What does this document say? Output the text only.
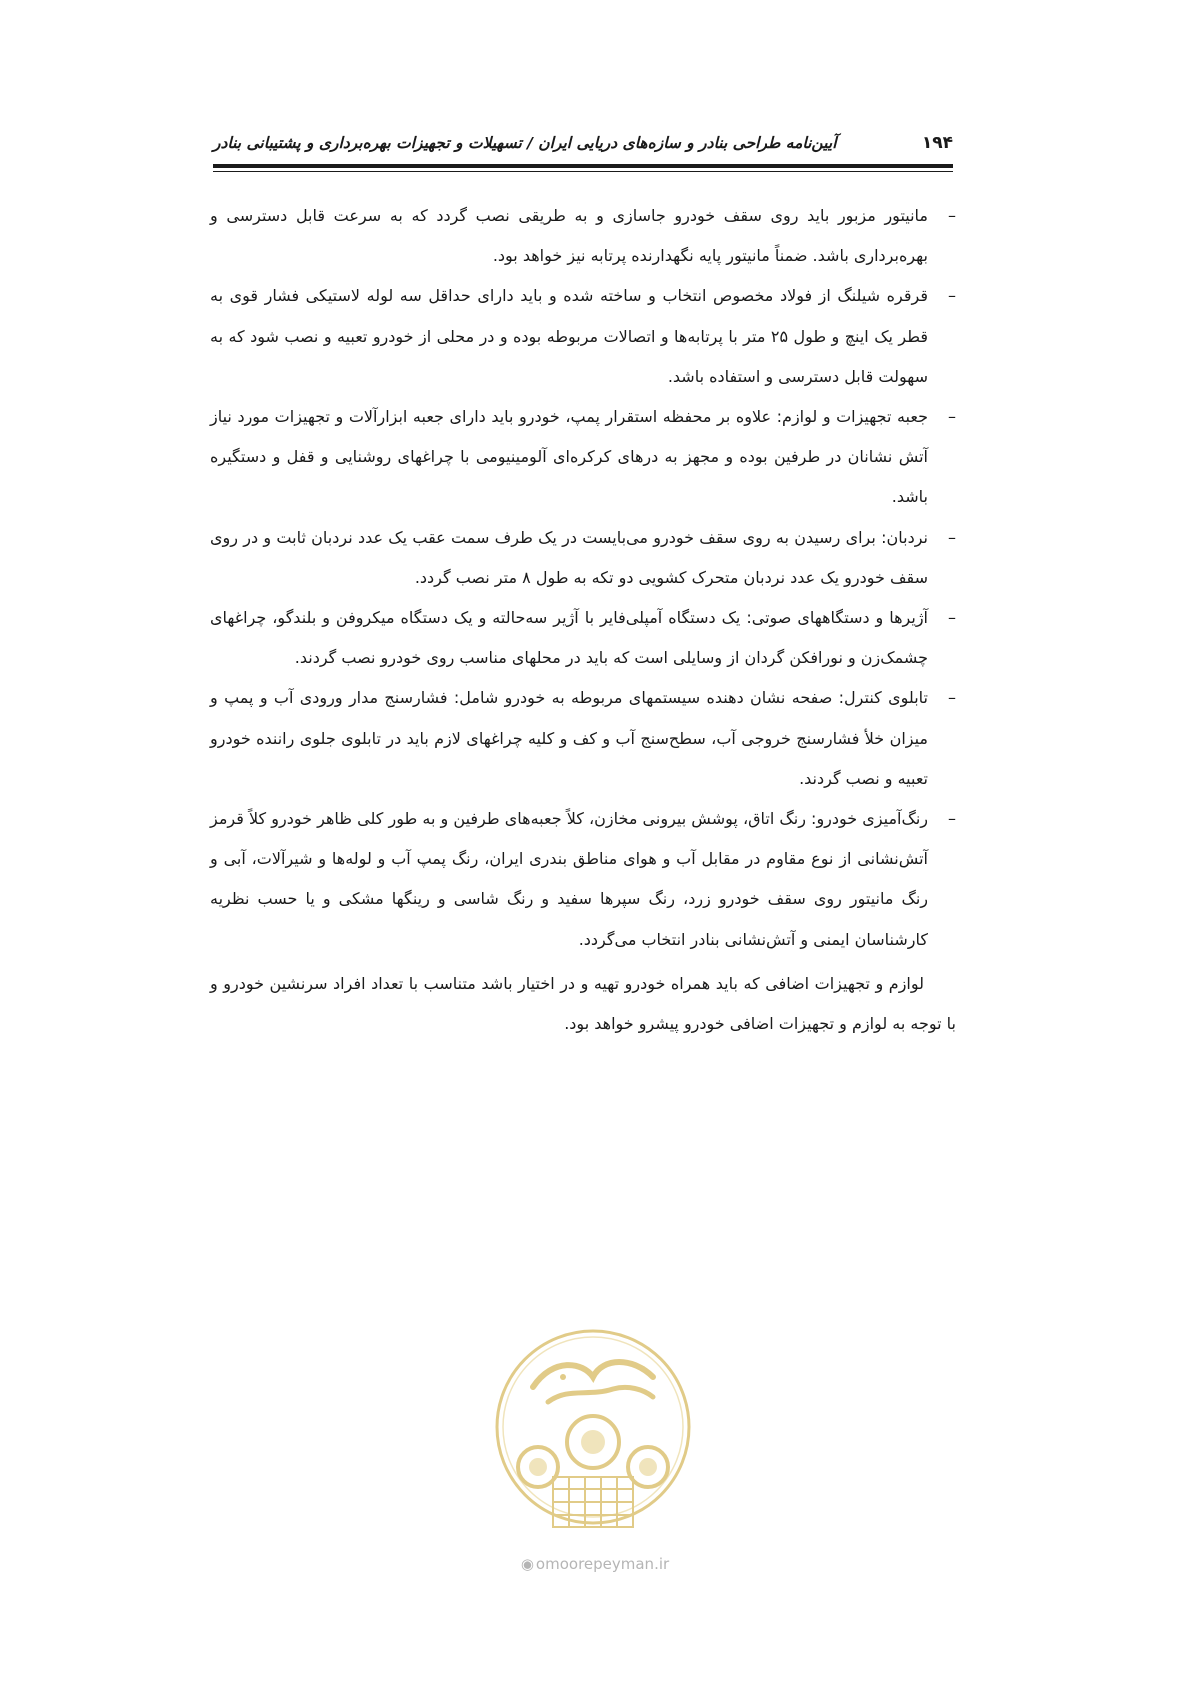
۱۹۴
آیین‌نامه طراحی بنادر و سازه‌های دریایی ایران / تسهیلات و تجهیزات بهره‌برداری و پشتیبانی بنادر
–
مانیتور مزبور باید روی سقف خودرو جاسازی و به طریقی نصب گردد که به سرعت قابل دسترسی و بهره‌برداری باشد. ضمناً مانیتور پایه نگهدارنده پرتابه نیز خواهد بود.
–
قرقره شیلنگ از فولاد مخصوص انتخاب و ساخته شده و باید دارای حداقل سه لوله لاستیکی فشار قوی به قطر یک اینچ و طول ۲۵ متر با پرتابه‌ها و اتصالات مربوطه بوده و در محلی از خودرو تعبیه و نصب شود که به سهولت قابل دسترسی و استفاده باشد.
–
جعبه تجهیزات و لوازم: علاوه بر محفظه استقرار پمپ، خودرو باید دارای جعبه ابزارآلات و تجهیزات مورد نیاز آتش نشانان در طرفین بوده و مجهز به درهای کرکره‌ای آلومینیومی با چراغهای روشنایی و قفل و دستگیره باشد.
–
نردبان: برای رسیدن به روی سقف خودرو می‌بایست در یک طرف سمت عقب یک عدد نردبان ثابت و در روی سقف خودرو یک عدد نردبان متحرک کشویی دو تکه به طول ۸ متر نصب گردد.
–
آژیرها و دستگاههای صوتی: یک دستگاه آمپلی‌فایر با آژیر سه‌حالته و یک دستگاه میکروفن و بلندگو، چراغهای چشمک‌زن و نورافکن گردان از وسایلی است که باید در محلهای مناسب روی خودرو نصب گردند.
–
تابلوی کنترل: صفحه نشان دهنده سیستمهای مربوطه به خودرو شامل: فشارسنج مدار ورودی آب و پمپ و میزان خلأ فشارسنج خروجی آب، سطح‌سنج آب و کف و کلیه چراغهای لازم باید در تابلوی جلوی راننده خودرو تعبیه و نصب گردند.
–
رنگ‌آمیزی خودرو: رنگ اتاق، پوشش بیرونی مخازن، کلاً جعبه‌های طرفین و به طور کلی ظاهر خودرو کلاً قرمز آتش‌نشانی از نوع مقاوم در مقابل آب و هوای مناطق بندری ایران، رنگ پمپ آب و لوله‌ها و شیرآلات، آبی و رنگ مانیتور روی سقف خودرو زرد، رنگ سپرها سفید و رنگ شاسی و رینگها مشکی و یا حسب نظریه کارشناسان ایمنی و آتش‌نشانی بنادر انتخاب می‌گردد.

لوازم و تجهیزات اضافی که باید همراه خودرو تهیه و در اختیار باشد متناسب با تعداد افراد سرنشین خودرو و با توجه به لوازم و تجهیزات اضافی خودرو پیشرو خواهد بود.

◉ omoorepeyman.ir
